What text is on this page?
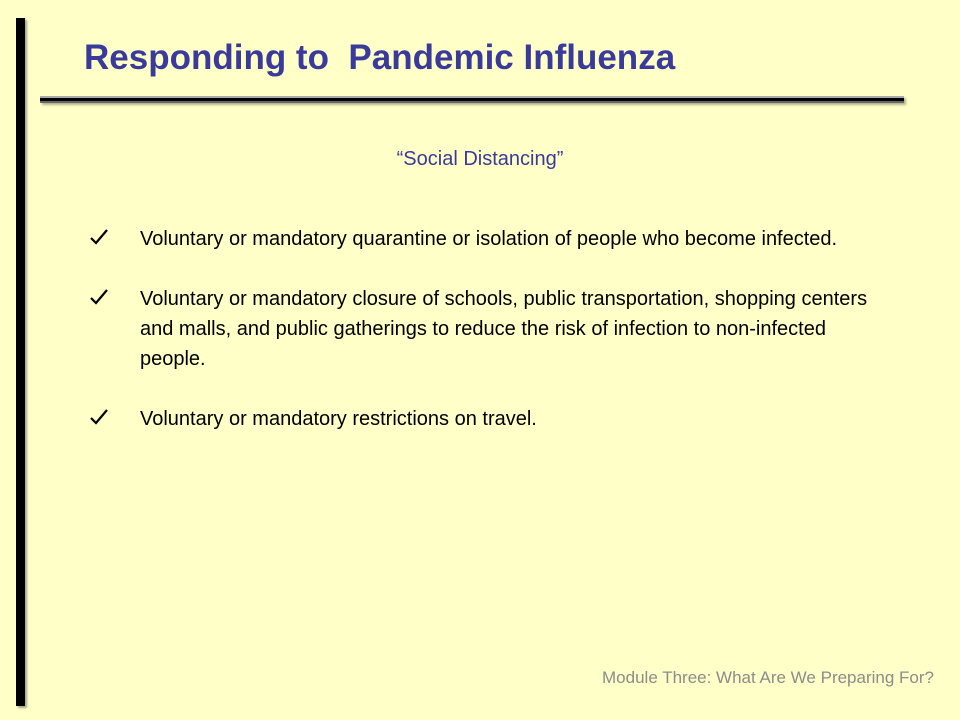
Responding to  Pandemic Influenza
“Social Distancing”
Voluntary or mandatory quarantine or isolation of people who become infected.
Voluntary or mandatory closure of schools, public transportation, shopping centers and malls, and public gatherings to reduce the risk of infection to non-infected people.
Voluntary or mandatory restrictions on travel.
Module Three: What Are We Preparing For?
